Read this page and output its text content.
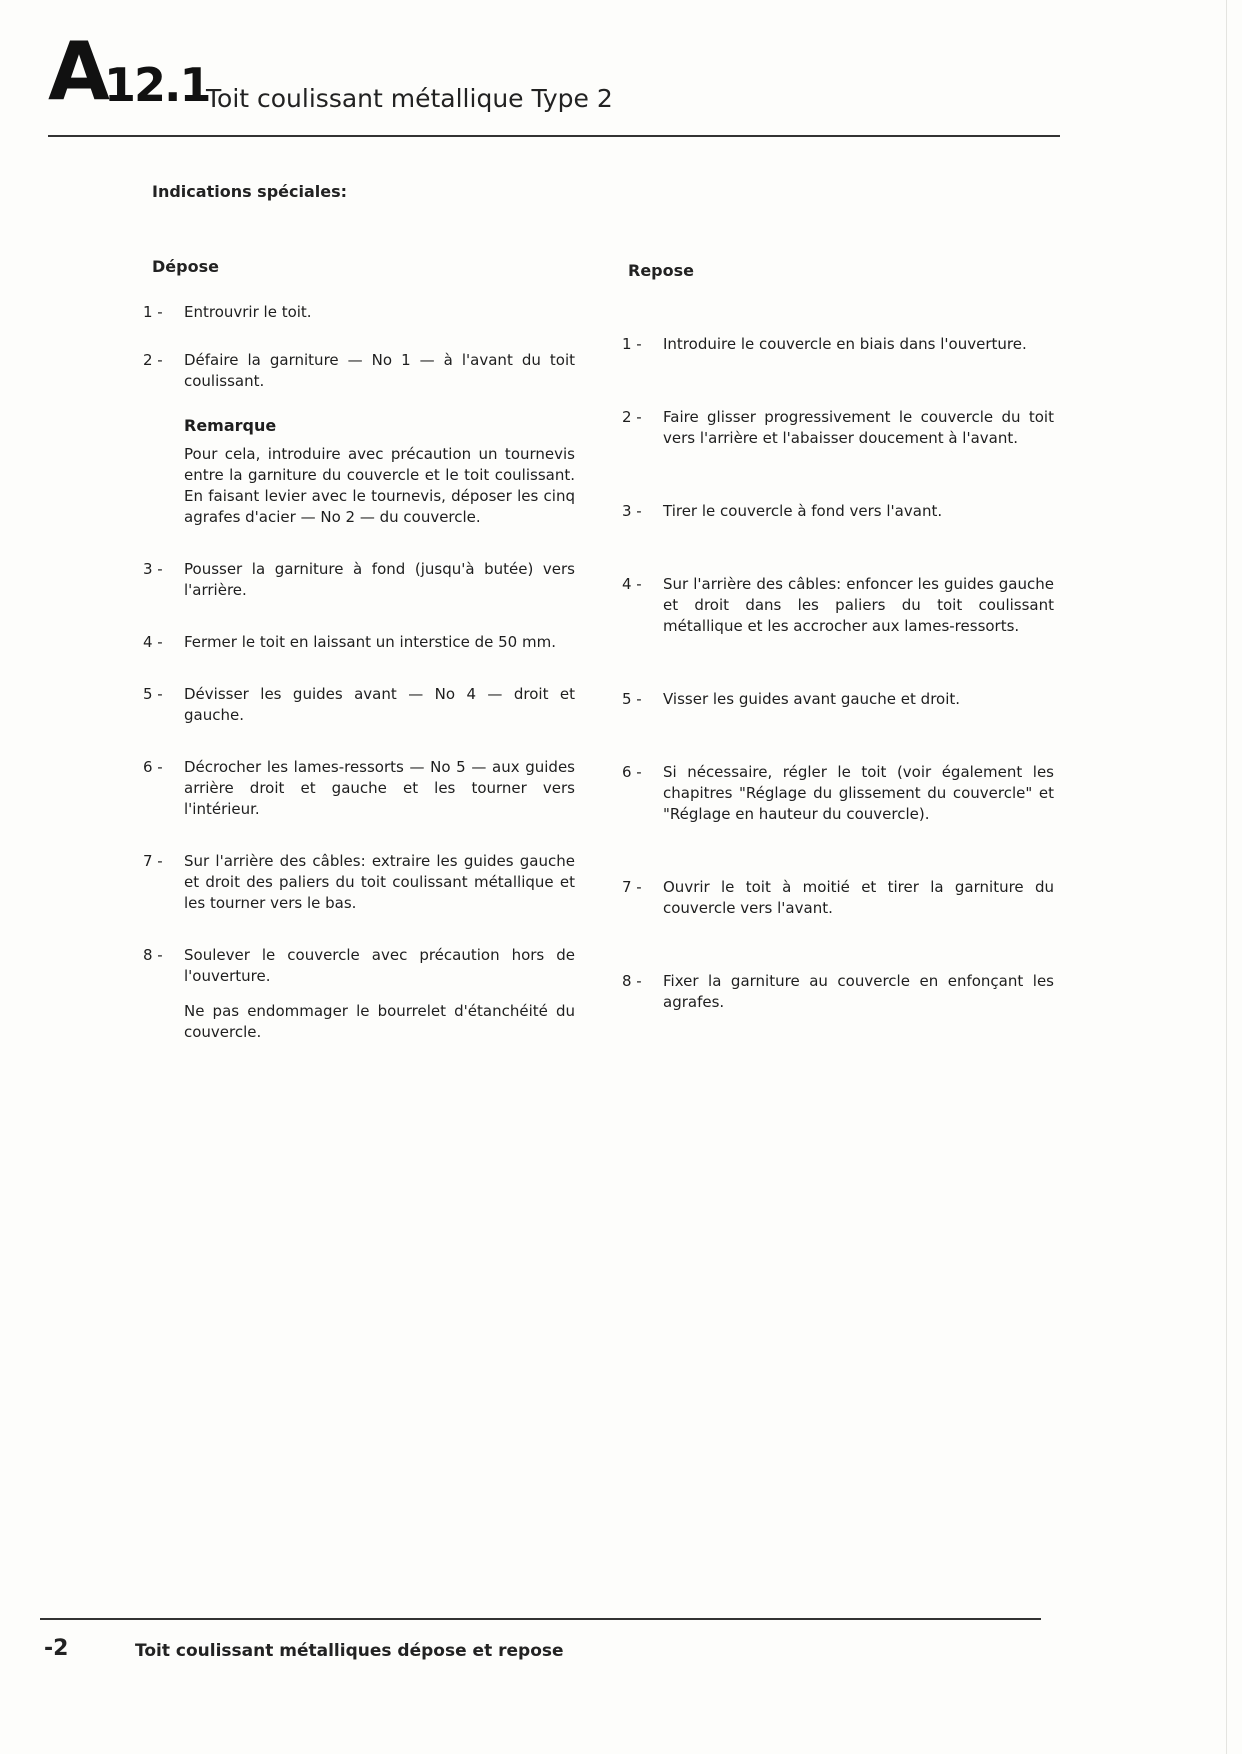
A
12.1
Toit coulissant métallique Type 2
Indications spéciales:
Dépose	Repose
1 -	Entrouvrir le toit.
2 -	Défaire la garniture — No 1 — à l'avant du toit coulissant.
Remarque
Pour cela, introduire avec précaution un tournevis entre la garniture du couvercle et le toit coulissant. En faisant levier avec le tournevis, déposer les cinq agrafes d'acier — No 2 — du couvercle.
3 -	Pousser la garniture à fond (jusqu'à butée) vers l'arrière.
4 -	Fermer le toit en laissant un interstice de 50 mm.
5 -	Dévisser les guides avant — No 4 — droit et gauche.
6 -	Décrocher les lames-ressorts — No 5 — aux guides arrière droit et gauche et les tourner vers l'intérieur.
7 -	Sur l'arrière des câbles: extraire les guides gauche et droit des paliers du toit coulissant métallique et les tourner vers le bas.
8 -	Soulever le couvercle avec précaution hors de l'ouverture.
Ne pas endommager le bourrelet d'étanchéité du couvercle.
1 -	Introduire le couvercle en biais dans l'ouverture.
2 -	Faire glisser progressivement le couvercle du toit vers l'arrière et l'abaisser doucement à l'avant.
3 -	Tirer le couvercle à fond vers l'avant.
4 -	Sur l'arrière des câbles: enfoncer les guides gauche et droit dans les paliers du toit coulissant métallique et les accrocher aux lames-ressorts.
5 -	Visser les guides avant gauche et droit.
6 -	Si nécessaire, régler le toit (voir également les chapitres "Réglage du glissement du couvercle" et "Réglage en hauteur du couvercle).
7 -	Ouvrir le toit à moitié et tirer la garniture du couvercle vers l'avant.
8 -	Fixer la garniture au couvercle en enfonçant les agrafes.
-2	Toit coulissant métalliques dépose et repose
